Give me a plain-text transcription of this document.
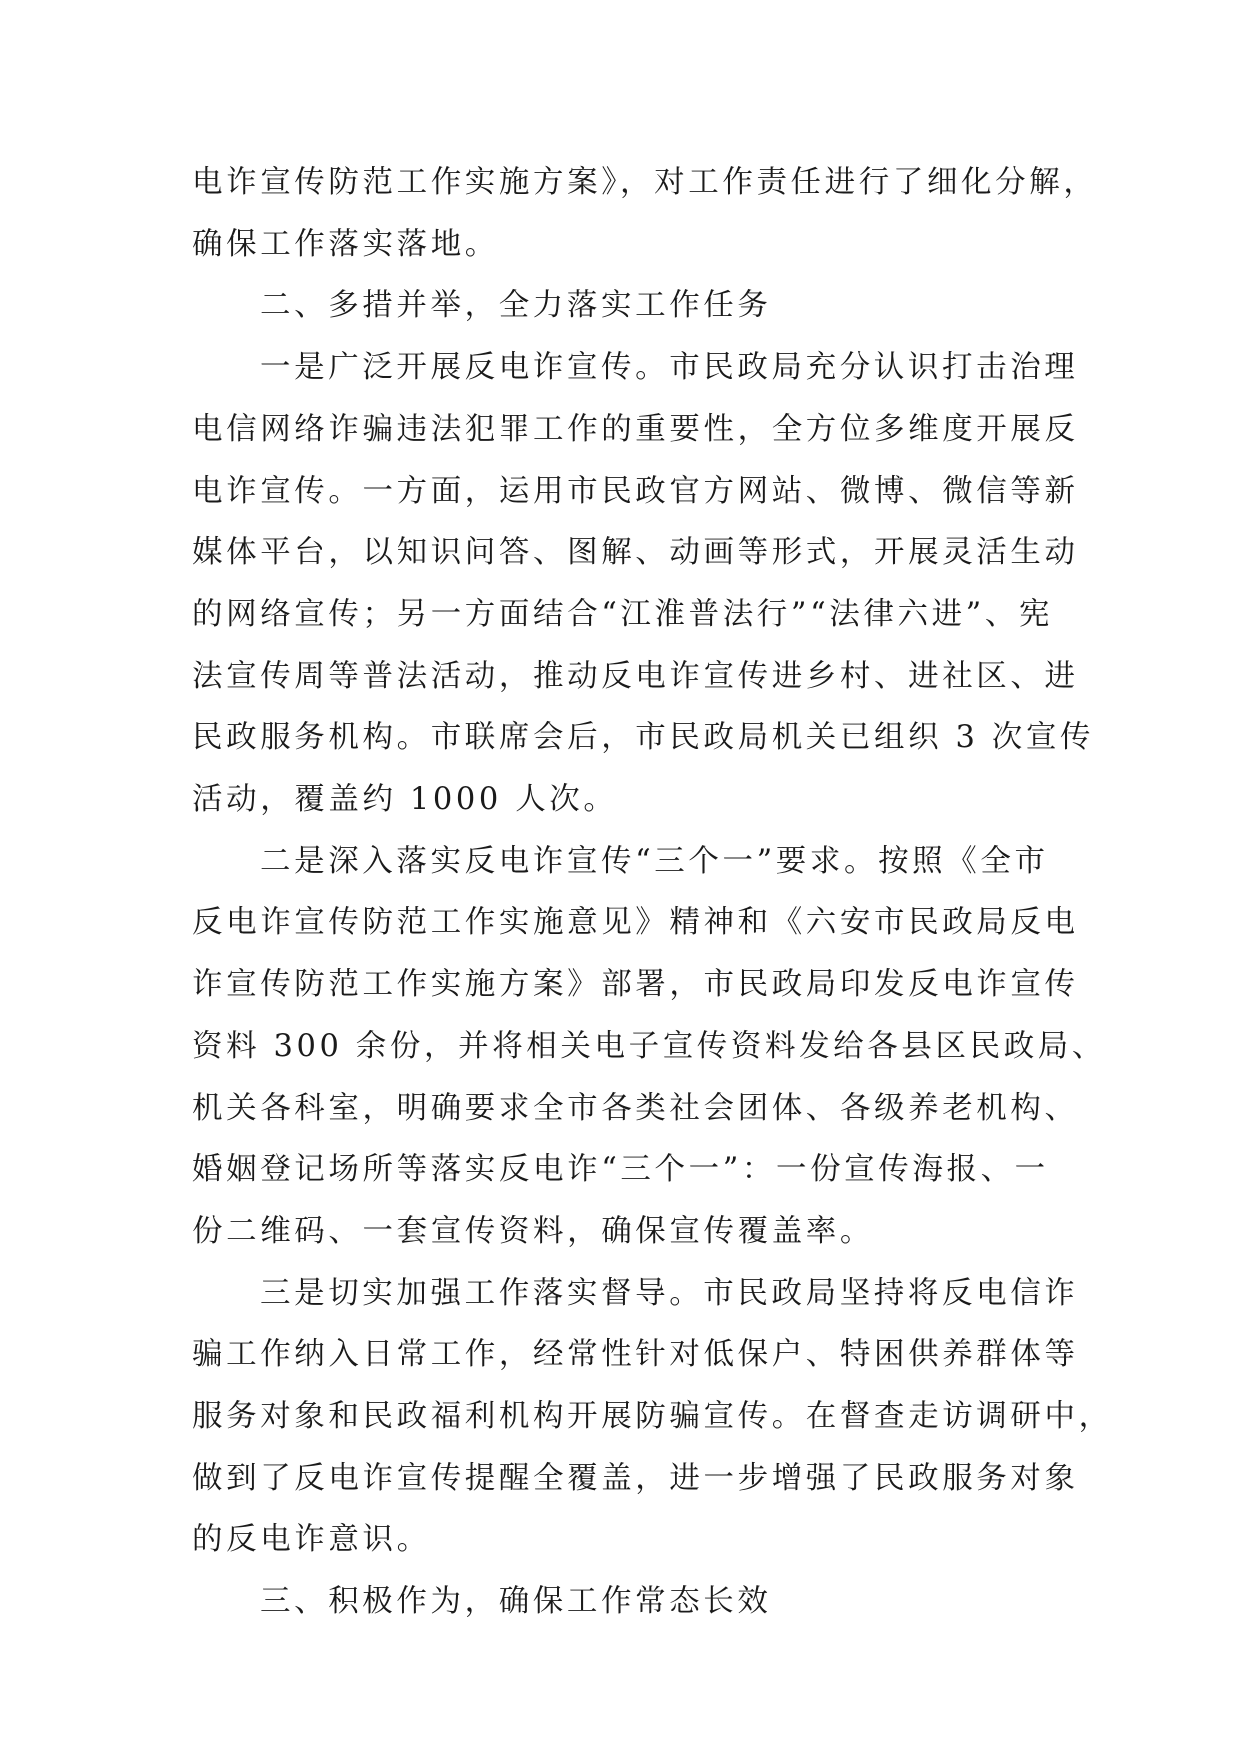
电诈宣传防范工作实施方案》，对工作责任进行了细化分解，

确保工作落实落地。

二、多措并举，全力落实工作任务

一是广泛开展反电诈宣传。市民政局充分认识打击治理

电信网络诈骗违法犯罪工作的重要性，全方位多维度开展反

电诈宣传。一方面，运用市民政官方网站、微博、微信等新

媒体平台，以知识问答、图解、动画等形式，开展灵活生动

的网络宣传；另一方面结合“江淮普法行”“法律六进”、宪

法宣传周等普法活动，推动反电诈宣传进乡村、进社区、进

民政服务机构。市联席会后，市民政局机关已组织 3 次宣传

活动，覆盖约 1000 人次。

二是深入落实反电诈宣传“三个一”要求。按照《全市

反电诈宣传防范工作实施意见》精神和《六安市民政局反电

诈宣传防范工作实施方案》部署，市民政局印发反电诈宣传

资料 300 余份，并将相关电子宣传资料发给各县区民政局、

机关各科室，明确要求全市各类社会团体、各级养老机构、

婚姻登记场所等落实反电诈“三个一”：一份宣传海报、一

份二维码、一套宣传资料，确保宣传覆盖率。

三是切实加强工作落实督导。市民政局坚持将反电信诈

骗工作纳入日常工作，经常性针对低保户、特困供养群体等

服务对象和民政福利机构开展防骗宣传。在督查走访调研中，

做到了反电诈宣传提醒全覆盖，进一步增强了民政服务对象

的反电诈意识。

三、积极作为，确保工作常态长效
